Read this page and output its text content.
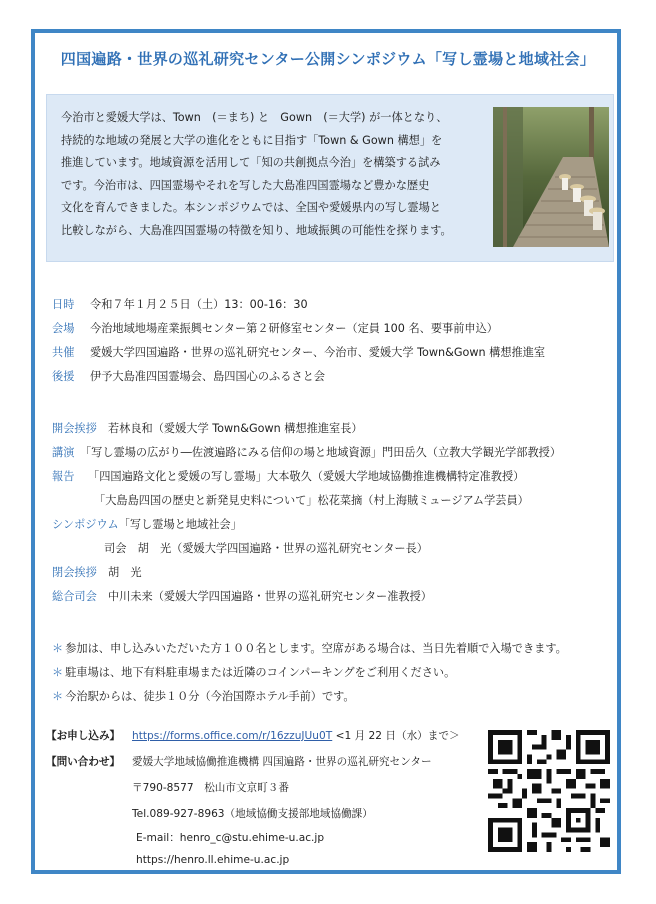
四国遍路・世界の巡礼研究センター公開シンポジウム「写し霊場と地域社会」
今治市と愛媛大学は、Town　(＝まち) と　Gown　(＝大学) が一体となり、
持続的な地域の発展と大学の進化をともに目指す「Town & Gown 構想」を
推進しています。地域資源を活用して「知の共創拠点今治」を構築する試み
です。今治市は、四国霊場やそれを写した大島准四国霊場など豊かな歴史
文化を育んできました。本シンポジウムでは、全国や愛媛県内の写し霊場と
比較しながら、大島准四国霊場の特徴を知り、地域振興の可能性を探ります。
日時 令和７年１月２５日（土）13：00-16：30
会場 今治地域地場産業振興センター第２研修室センター（定員 100 名、要事前申込）
共催 愛媛大学四国遍路・世界の巡礼研究センター、今治市、愛媛大学 Town&Gown 構想推進室
後援 伊予大島准四国霊場会、島四国心のふるさと会
開会挨拶　 若林良和（愛媛大学 Town&Gown 構想推進室長）
講演　 「写し霊場の広がり―佐渡遍路にみる信仰の場と地域資源」門田岳久（立教大学観光学部教授）
報告 「四国遍路文化と愛媛の写し霊場」大本敬久（愛媛大学地域協働推進機構特定准教授）
「大島島四国の歴史と新発見史料について」松花菜摘（村上海賊ミュージアム学芸員）
シンポジウム「写し霊場と地域社会」
司会　胡　光（愛媛大学四国遍路・世界の巡礼研究センター長）
閉会挨拶　 胡　光
総合司会　 中川未来（愛媛大学四国遍路・世界の巡礼研究センター准教授）
＊ 参加は、申し込みいただいた方１００名とします。空席がある場合は、当日先着順で入場できます。
＊ 駐車場は、地下有料駐車場または近隣のコインパーキングをご利用ください。
＊ 今治駅からは、徒歩１０分（今治国際ホテル手前）です。
【お申し込み】 https://forms.office.com/r/16zzuJUu0T <1 月 22 日（水）まで＞
【問い合わせ】 愛媛大学地域協働推進機構 四国遍路・世界の巡礼研究センター
〒790-8577　松山市文京町３番
Tel.089-927-8963（地域協働支援部地域協働課）
E-mail：henro_c@stu.ehime-u.ac.jp
https://henro.ll.ehime-u.ac.jp
